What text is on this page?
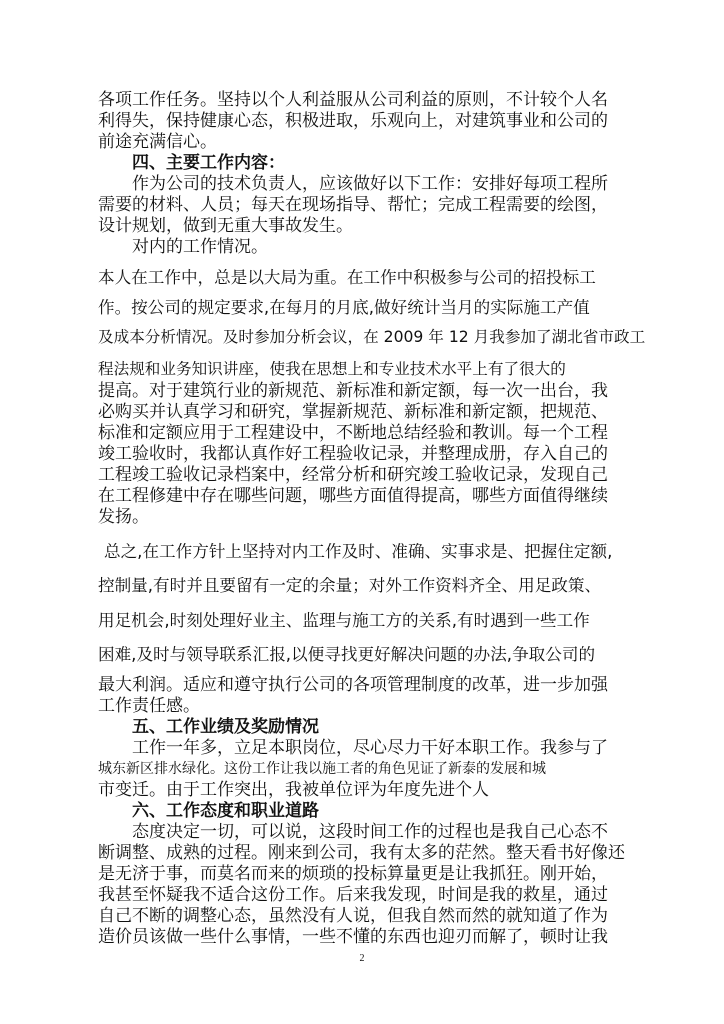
各项工作任务。坚持以个人利益服从公司利益的原则，不计较个人名
利得失，保持健康心态，积极进取，乐观向上，对建筑事业和公司的
前途充满信心。
四、主要工作内容：
作为公司的技术负责人，应该做好以下工作：安排好每项工程所
需要的材料、人员；每天在现场指导、帮忙；完成工程需要的绘图，
设计规划，做到无重大事故发生。
对内的工作情况。
本人在工作中，总是以大局为重。在工作中积极参与公司的招投标工
作。按公司的规定要求,在每月的月底,做好统计当月的实际施工产值
及成本分析情况。及时参加分析会议，在 2009 年 12 月我参加了湖北省市政工
程法规和业务知识讲座，使我在思想上和专业技术水平上有了很大的
提高。对于建筑行业的新规范、新标准和新定额，每一次一出台，我
必购买并认真学习和研究，掌握新规范、新标准和新定额，把规范、
标准和定额应用于工程建设中，不断地总结经验和教训。每一个工程
竣工验收时，我都认真作好工程验收记录，并整理成册，存入自己的
工程竣工验收记录档案中，经常分析和研究竣工验收记录，发现自己
在工程修建中存在哪些问题，哪些方面值得提高，哪些方面值得继续
发扬。
总之,在工作方针上坚持对内工作及时、准确、实事求是、把握住定额,
控制量,有时并且要留有一定的余量；对外工作资料齐全、用足政策、
用足机会,时刻处理好业主、监理与施工方的关系,有时遇到一些工作
困难,及时与领导联系汇报,以便寻找更好解决问题的办法,争取公司的
最大利润。适应和遵守执行公司的各项管理制度的改革，进一步加强
工作责任感。
五、工作业绩及奖励情况
工作一年多，立足本职岗位，尽心尽力干好本职工作。我参与了
城东新区排水绿化。这份工作让我以施工者的角色见证了新泰的发展和城
市变迁。由于工作突出，我被单位评为年度先进个人
六、工作态度和职业道路
态度决定一切，可以说，这段时间工作的过程也是我自己心态不
断调整、成熟的过程。刚来到公司，我有太多的茫然。整天看书好像还
是无济于事，而莫名而来的烦琐的投标算量更是让我抓狂。刚开始，
我甚至怀疑我不适合这份工作。后来我发现，时间是我的救星，通过
自己不断的调整心态，虽然没有人说，但我自然而然的就知道了作为
造价员该做一些什么事情，一些不懂的东西也迎刃而解了，顿时让我
2
